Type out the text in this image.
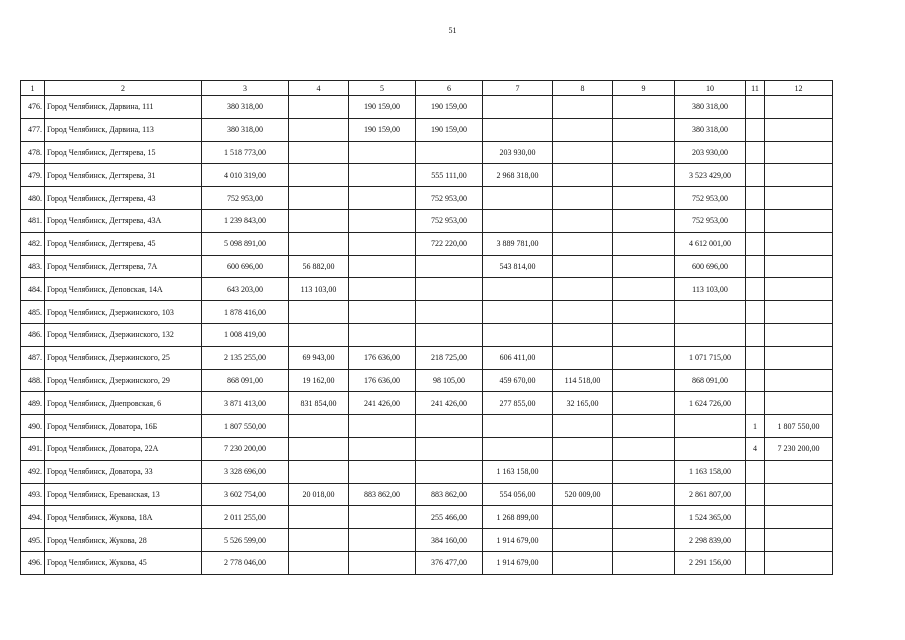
51
1	2	3	4	5	6	7	8	9	10	11	12
476.	Город Челябинск, Дарвина, 111	380 318,00		190 159,00	190 159,00				380 318,00		
477.	Город Челябинск, Дарвина, 113	380 318,00		190 159,00	190 159,00				380 318,00		
478.	Город Челябинск, Дегтярева, 15	1 518 773,00				203 930,00			203 930,00		
479.	Город Челябинск, Дегтярева, 31	4 010 319,00			555 111,00	2 968 318,00			3 523 429,00		
480.	Город Челябинск, Дегтярева, 43	752 953,00			752 953,00				752 953,00		
481.	Город Челябинск, Дегтярева, 43А	1 239 843,00			752 953,00				752 953,00		
482.	Город Челябинск, Дегтярева, 45	5 098 891,00			722 220,00	3 889 781,00			4 612 001,00		
483.	Город Челябинск, Дегтярева, 7А	600 696,00	56 882,00			543 814,00			600 696,00		
484.	Город Челябинск, Деповская, 14А	643 203,00	113 103,00						113 103,00		
485.	Город Челябинск, Дзержинского, 103	1 878 416,00									
486.	Город Челябинск, Дзержинского, 132	1 008 419,00									
487.	Город Челябинск, Дзержинского, 25	2 135 255,00	69 943,00	176 636,00	218 725,00	606 411,00			1 071 715,00		
488.	Город Челябинск, Дзержинского, 29	868 091,00	19 162,00	176 636,00	98 105,00	459 670,00	114 518,00		868 091,00		
489.	Город Челябинск, Днепровская, 6	3 871 413,00	831 854,00	241 426,00	241 426,00	277 855,00	32 165,00		1 624 726,00		
490.	Город Челябинск, Доватора, 16Б	1 807 550,00								1	1 807 550,00
491.	Город Челябинск, Доватора, 22А	7 230 200,00								4	7 230 200,00
492.	Город Челябинск, Доватора, 33	3 328 696,00				1 163 158,00			1 163 158,00		
493.	Город Челябинск, Ереванская, 13	3 602 754,00	20 018,00	883 862,00	883 862,00	554 056,00	520 009,00		2 861 807,00		
494.	Город Челябинск, Жукова, 18А	2 011 255,00			255 466,00	1 268 899,00			1 524 365,00		
495.	Город Челябинск, Жукова, 28	5 526 599,00			384 160,00	1 914 679,00			2 298 839,00		
496.	Город Челябинск, Жукова, 45	2 778 046,00			376 477,00	1 914 679,00			2 291 156,00		
